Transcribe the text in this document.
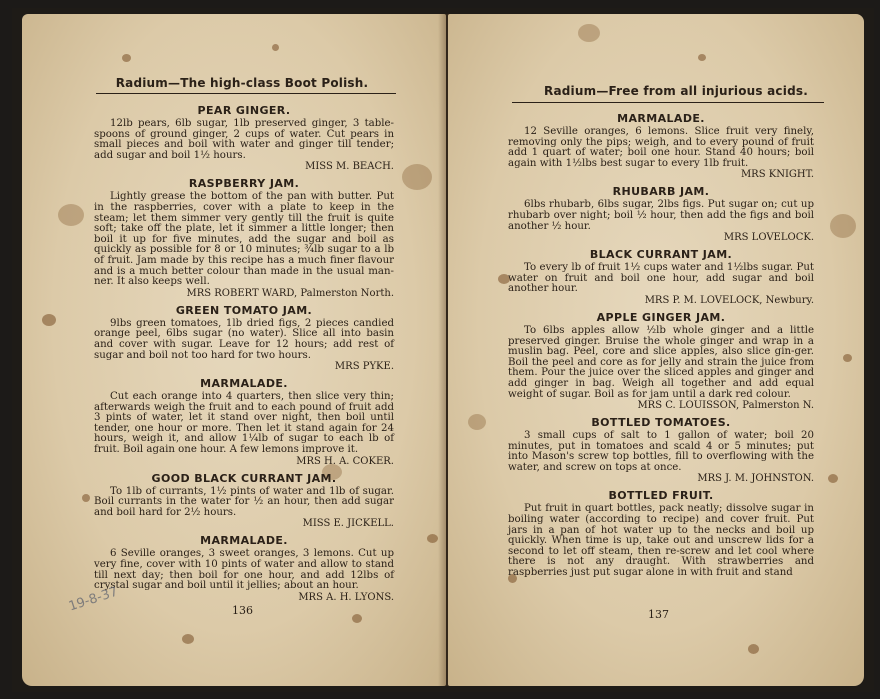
Radium—The high-class Boot Polish.
PEAR GINGER.
12lb pears, 6lb sugar, 1lb preserved ginger, 3 table-spoons of ground ginger, 2 cups of water. Cut pears in small pieces and boil with water and ginger till tender; add sugar and boil 1½ hours.
MISS M. BEACH.
RASPBERRY JAM.
Lightly grease the bottom of the pan with butter. Put in the raspberries, cover with a plate to keep in the steam; let them simmer very gently till the fruit is quite soft; take off the plate, let it simmer a little longer; then boil it up for five minutes, add the sugar and boil as quickly as possible for 8 or 10 minutes; ¾lb sugar to a lb of fruit. Jam made by this recipe has a much finer flavour and is a much better colour than made in the usual man-ner. It also keeps well.
MRS ROBERT WARD, Palmerston North.
GREEN TOMATO JAM.
9lbs green tomatoes, 1lb dried figs, 2 pieces candied orange peel, 6lbs sugar (no water). Slice all into basin and cover with sugar. Leave for 12 hours; add rest of sugar and boil not too hard for two hours.
MRS PYKE.
MARMALADE.
Cut each orange into 4 quarters, then slice very thin; afterwards weigh the fruit and to each pound of fruit add 3 pints of water, let it stand over night, then boil until tender, one hour or more. Then let it stand again for 24 hours, weigh it, and allow 1¼lb of sugar to each lb of fruit. Boil again one hour. A few lemons improve it.
MRS H. A. COKER.
GOOD BLACK CURRANT JAM.
To 1lb of currants, 1½ pints of water and 1lb of sugar. Boil currants in the water for ½ an hour, then add sugar and boil hard for 2½ hours.
MISS E. JICKELL.
MARMALADE.
6 Seville oranges, 3 sweet oranges, 3 lemons. Cut up very fine, cover with 10 pints of water and allow to stand till next day; then boil for one hour, and add 12lbs of crystal sugar and boil until it jellies; about an hour.
MRS A. H. LYONS.
19-8-37	136
Radium—Free from all injurious acids.
MARMALADE.
12 Seville oranges, 6 lemons. Slice fruit very finely, removing only the pips; weigh, and to every pound of fruit add 1 quart of water; boil one hour. Stand 40 hours; boil again with 1½lbs best sugar to every 1lb fruit.
MRS KNIGHT.
RHUBARB JAM.
6lbs rhubarb, 6lbs sugar, 2lbs figs. Put sugar on; cut up rhubarb over night; boil ½ hour, then add the figs and boil another ½ hour.
MRS LOVELOCK.
BLACK CURRANT JAM.
To every lb of fruit 1½ cups water and 1½lbs sugar. Put water on fruit and boil one hour, add sugar and boil another hour.
MRS P. M. LOVELOCK, Newbury.
APPLE GINGER JAM.
To 6lbs apples allow ½lb whole ginger and a little preserved ginger. Bruise the whole ginger and wrap in a muslin bag. Peel, core and slice apples, also slice gin-ger. Boil the peel and core as for jelly and strain the juice from them. Pour the juice over the sliced apples and ginger and add ginger in bag. Weigh all together and add equal weight of sugar. Boil as for jam until a dark red colour.
MRS C. LOUISSON, Palmerston N.
BOTTLED TOMATOES.
3 small cups of salt to 1 gallon of water; boil 20 minutes, put in tomatoes and scald 4 or 5 minutes; put into Mason's screw top bottles, fill to overflowing with the water, and screw on tops at once.
MRS J. M. JOHNSTON.
BOTTLED FRUIT.
Put fruit in quart bottles, pack neatly; dissolve sugar in boiling water (according to recipe) and cover fruit. Put jars in a pan of hot water up to the necks and boil up quickly. When time is up, take out and unscrew lids for a second to let off steam, then re-screw and let cool where there is not any draught. With strawberries and raspberries just put sugar alone in with fruit and stand
137
